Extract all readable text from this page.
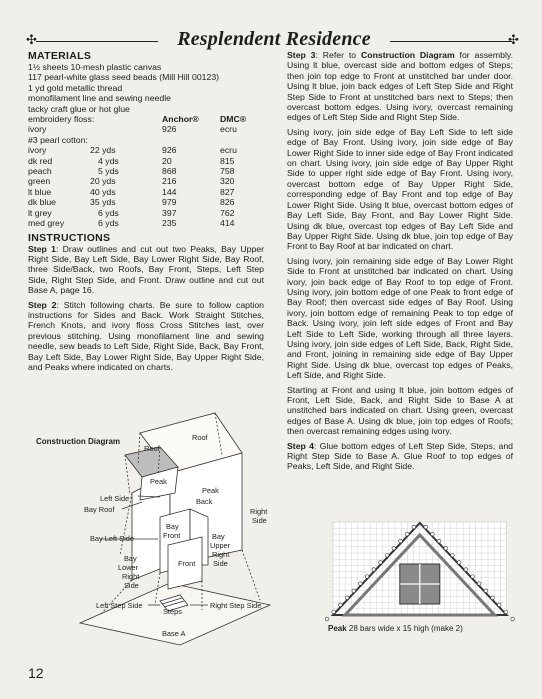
✣	✣
Resplendent Residence
MATERIALS
1½ sheets 10-mesh plastic canvas
117 pearl-white glass seed beads (Mill Hill 00123)
1 yd gold metallic thread
monofilament line and sewing needle
tacky craft glue or hot glue
embroidery floss:		Anchor®	DMC®
ivory		926	ecru
#3 pearl cotton:			
ivory	22 yds	926	ecru
dk red	4 yds	20	815
peach	5 yds	868	758
green	20 yds	216	320
lt blue	40 yds	144	827
dk blue	35 yds	979	826
lt grey	6 yds	397	762
med grey	6 yds	235	414
INSTRUCTIONS

Step 1: Draw outlines and cut out two Peaks, Bay Upper Right Side, Bay Left Side, Bay Lower Right Side, Bay Roof, three Side/Back, two Roofs, Bay Front, Steps, Left Step Side, Right Step Side, and Front. Draw outline and cut out Base A, page 16.

Step 2: Stitch following charts. Be sure to follow caption instructions for Sides and Back. Work Straight Stitches, French Knots, and ivory floss Cross Stitches last, over previous stitching. Using monofilament line and sewing needle, sew beads to Left Side, Right Side, Back, Bay Front, Bay Left Side, Bay Lower Right Side, Bay Upper Right Side, and Peaks where indicated on charts.

Step 3: Refer to Construction Diagram for assembly. Using lt blue, overcast side and bottom edges of Steps; then join top edge to Front at unstitched bar under door. Using lt blue, join back edges of Left Step Side and Right Step Side to Front at unstitched bars next to Steps; then overcast bottom edges. Using ivory, overcast remaining edges of Left Step Side and Right Step Side.

Using ivory, join side edge of Bay Left Side to left side edge of Bay Front. Using ivory, join side edge of Bay Lower Right Side to inner side edge of Bay Front indicated on chart. Using ivory, join side edge of Bay Upper Right Side to upper right side edge of Bay Front. Using ivory, overcast bottom edge of Bay Upper Right Side, corresponding edge of Bay Front and top edge of Bay Lower Right Side. Using lt blue, overcast bottom edges of Bay Left Side, Bay Front, and Bay Lower Right Side. Using dk blue, overcast top edges of Bay Left Side and Bay Upper Right Side. Using dk blue, join top edge of Bay Front to Bay Roof at bar indicated on chart.

Using ivory, join remaining side edge of Bay Lower Right Side to Front at unstitched bar indicated on chart. Using ivory, join back edge of Bay Roof to top edge of Front. Using ivory, join bottom edge of one Peak to front edge of Bay Roof; then overcast side edges of Bay Roof. Using ivory, join bottom edge of remaining Peak to top edge of Back. Using ivory, join left side edges of Front and Bay Left Side to Left Side, working through all three layers. Using ivory, join side edges of Left Side, Back, Right Side, and Front, joining in remaining side edge of Bay Upper Right Side. Using dk blue, overcast top edges of Peaks, Left Side, and Right Side.

Starting at Front and using lt blue, join bottom edges of Front, Left Side, Back, and Right Side to Base A at unstitched bars indicated on chart. Using green, overcast edges of Base A. Using dk blue, join top edges of Roofs; then overcast remaining edges using ivory.

Step 4: Glue bottom edges of Left Step Side, Steps, and Right Step Side to Base A. Glue Roof to top edges of Peaks, Left Side, and Right Side.

Construction Diagram	Roof
Roof
Peak
Peak
Back
Left Side
Bay Roof	Right
Side
Bay
Front
Bay Left Side	Bay
Upper
Right
Side
Bay
Lower
Right
Side
Front
Left Step Side
Steps
Right Step Side
Base A
Peak 28 bars wide x 15 high (make 2)
12
